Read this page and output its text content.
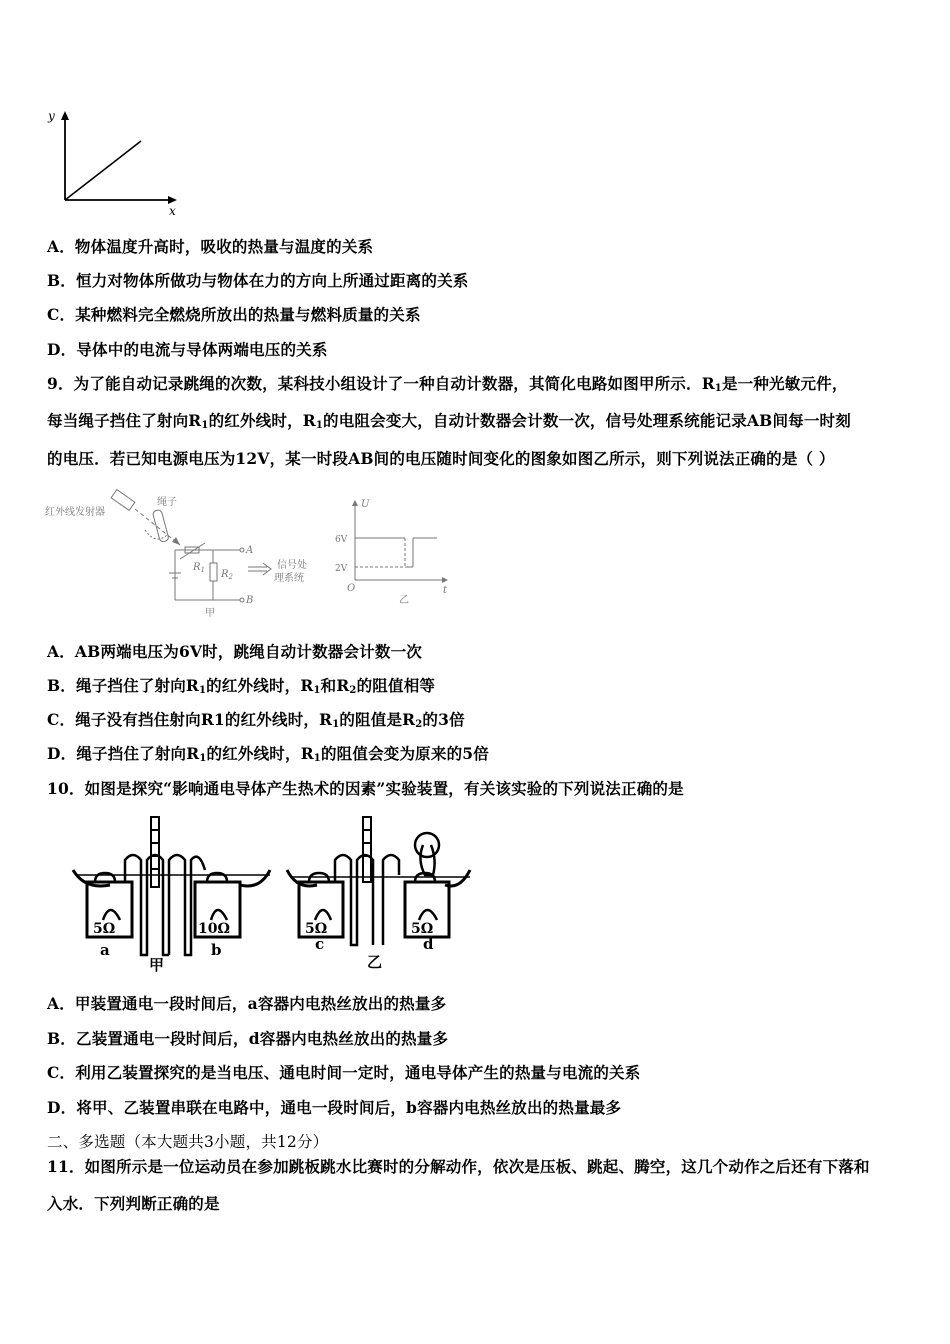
y
x
A．物体温度升高时，吸收的热量与温度的关系
B．恒力对物体所做功与物体在力的方向上所通过距离的关系
C．某种燃料完全燃烧所放出的热量与燃料质量的关系
D．导体中的电流与导体两端电压的关系
9．为了能自动记录跳绳的次数，某科技小组设计了一种自动计数器，其简化电路如图甲所示．$R_1$是一种光敏元件，
每当绳子挡住了射向$R_1$的红外线时，$R_1$的电阻会变大，自动计数器会计数一次，信号处理系统能记录AB间每一时刻
的电压．若已知电源电压为12V，某一时段AB间的电压随时间变化的图象如图乙所示，则下列说法正确的是（ ）
红外线发射器
绳子
$R_1$ $R_2$
A
B
信号处
理系统
甲
U
6V
2V
O	t
乙
A．AB两端电压为6V时，跳绳自动计数器会计数一次
B．绳子挡住了射向$R_1$的红外线时，$R_1$和$R_2$的阻值相等
C．绳子没有挡住射向R1的红外线时，$R_1$的阻值是$R_2$的3倍
D．绳子挡住了射向$R_1$的红外线时，$R_1$的阻值会变为原来的5倍
10．如图是探究“影响通电导体产生热术的因素”实验装置，有关该实验的下列说法正确的是
5Ω	10Ω	5Ω	5Ω
a	b	c	d
甲	乙
A．甲装置通电一段时间后，a容器内电热丝放出的热量多
B．乙装置通电一段时间后，d容器内电热丝放出的热量多
C．利用乙装置探究的是当电压、通电时间一定时，通电导体产生的热量与电流的关系
D．将甲、乙装置串联在电路中，通电一段时间后，b容器内电热丝放出的热量最多
二、多选题（本大题共3小题，共12分）
11．如图所示是一位运动员在参加跳板跳水比赛时的分解动作，依次是压板、跳起、腾空，这几个动作之后还有下落和
入水．下列判断正确的是
